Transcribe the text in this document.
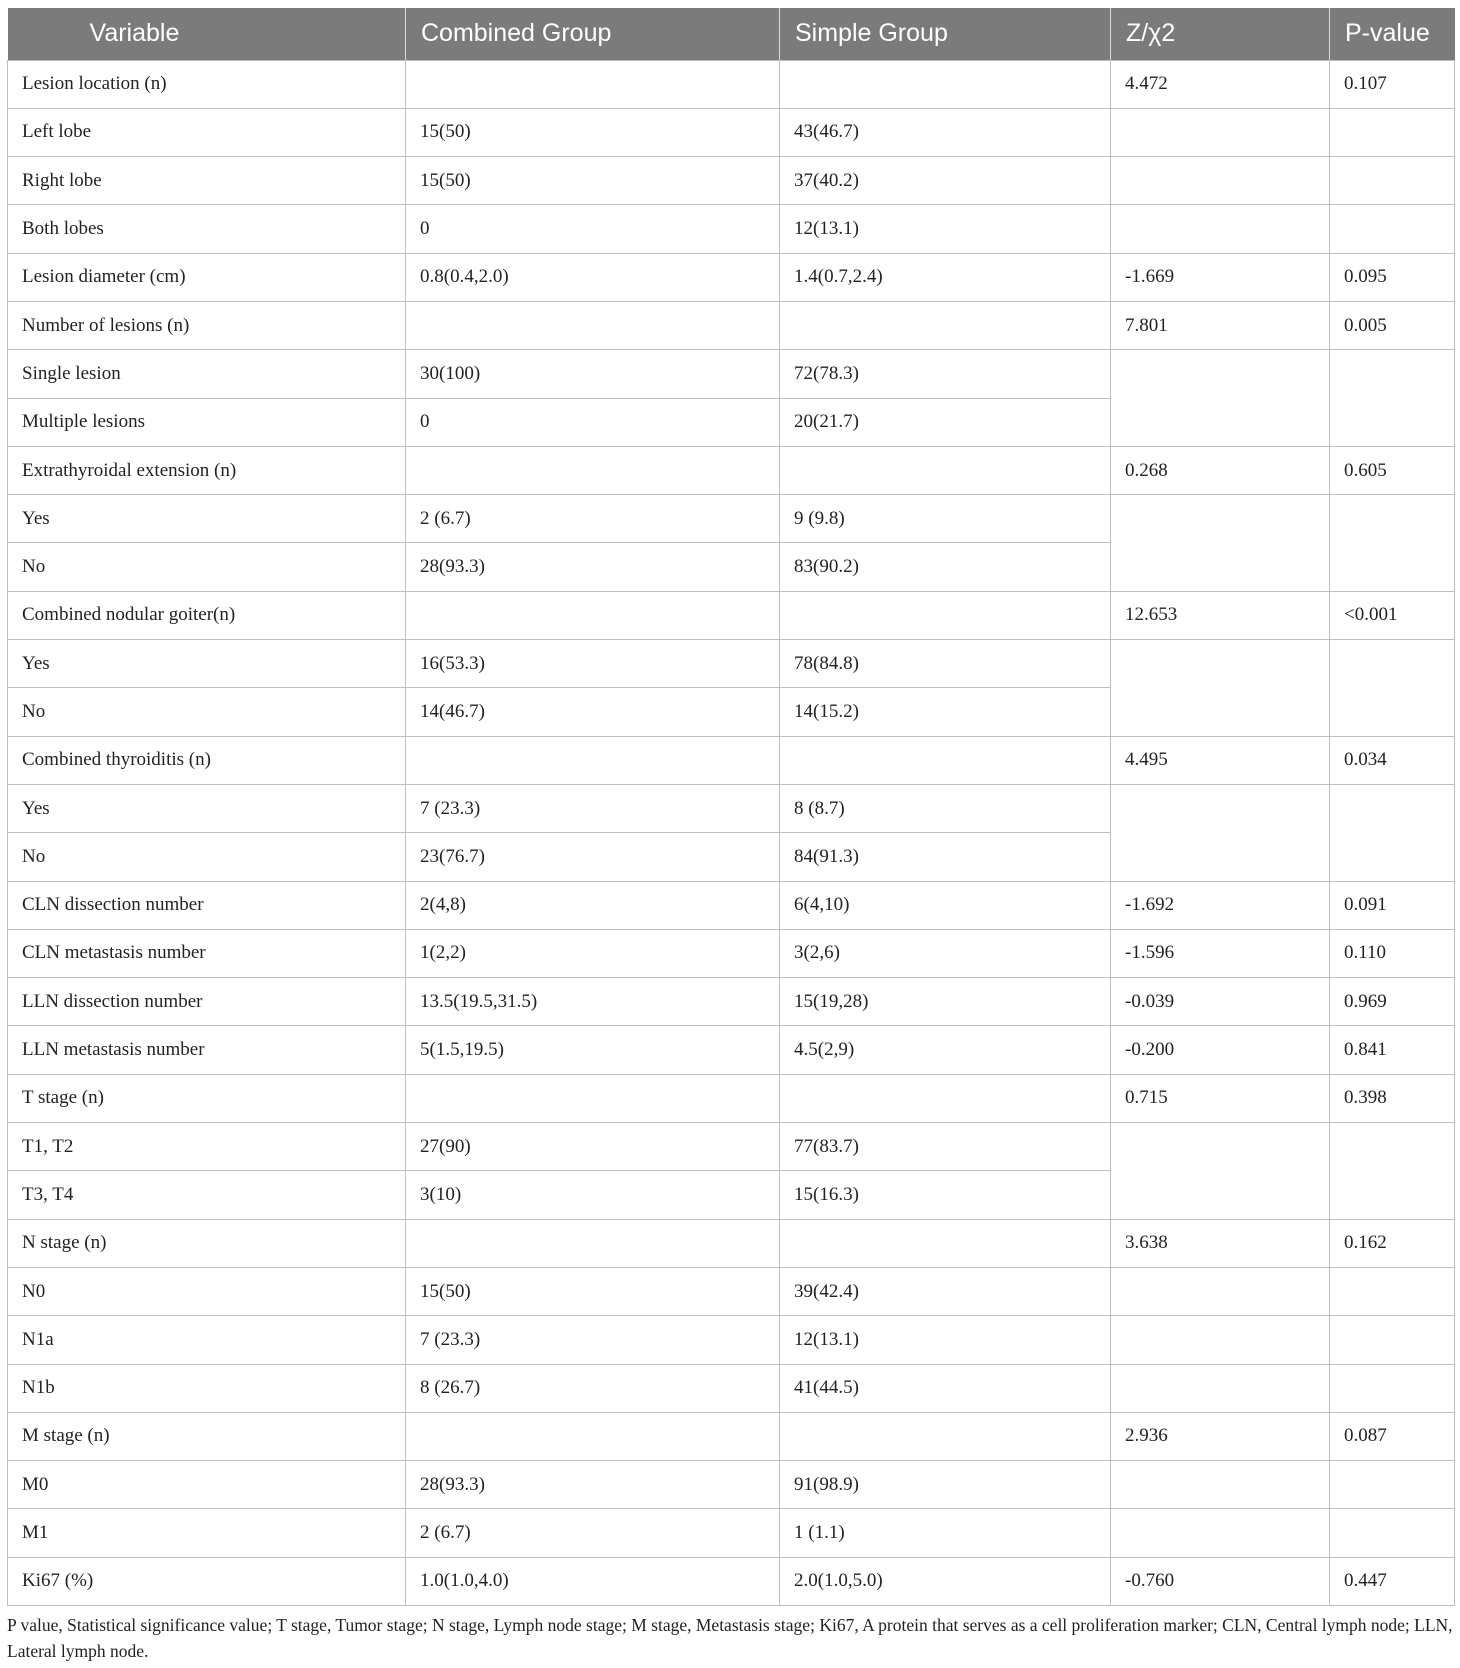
Variable	Combined Group	Simple Group	Z/χ2	P-value
Lesion location (n)			4.472	0.107
Left lobe	15(50)	43(46.7)		
Right lobe	15(50)	37(40.2)		
Both lobes	0	12(13.1)		
Lesion diameter (cm)	0.8(0.4,2.0)	1.4(0.7,2.4)	-1.669	0.095
Number of lesions (n)			7.801	0.005
Single lesion	30(100)	72(78.3)		
Multiple lesions	0	20(21.7)		
Extrathyroidal extension (n)			0.268	0.605
Yes	2 (6.7)	9 (9.8)		
No	28(93.3)	83(90.2)		
Combined nodular goiter(n)			12.653	<0.001
Yes	16(53.3)	78(84.8)		
No	14(46.7)	14(15.2)		
Combined thyroiditis (n)			4.495	0.034
Yes	7 (23.3)	8 (8.7)		
No	23(76.7)	84(91.3)		
CLN dissection number	2(4,8)	6(4,10)	-1.692	0.091
CLN metastasis number	1(2,2)	3(2,6)	-1.596	0.110
LLN dissection number	13.5(19.5,31.5)	15(19,28)	-0.039	0.969
LLN metastasis number	5(1.5,19.5)	4.5(2,9)	-0.200	0.841
T stage (n)			0.715	0.398
T1, T2	27(90)	77(83.7)		
T3, T4	3(10)	15(16.3)		
N stage (n)			3.638	0.162
N0	15(50)	39(42.4)		
N1a	7 (23.3)	12(13.1)		
N1b	8 (26.7)	41(44.5)		
M stage (n)			2.936	0.087
M0	28(93.3)	91(98.9)		
M1	2 (6.7)	1 (1.1)		
Ki67 (%)	1.0(1.0,4.0)	2.0(1.0,5.0)	-0.760	0.447
P value, Statistical significance value; T stage, Tumor stage; N stage, Lymph node stage; M stage, Metastasis stage; Ki67, A protein that serves as a cell proliferation marker; CLN, Central lymph node; LLN, Lateral lymph node.
